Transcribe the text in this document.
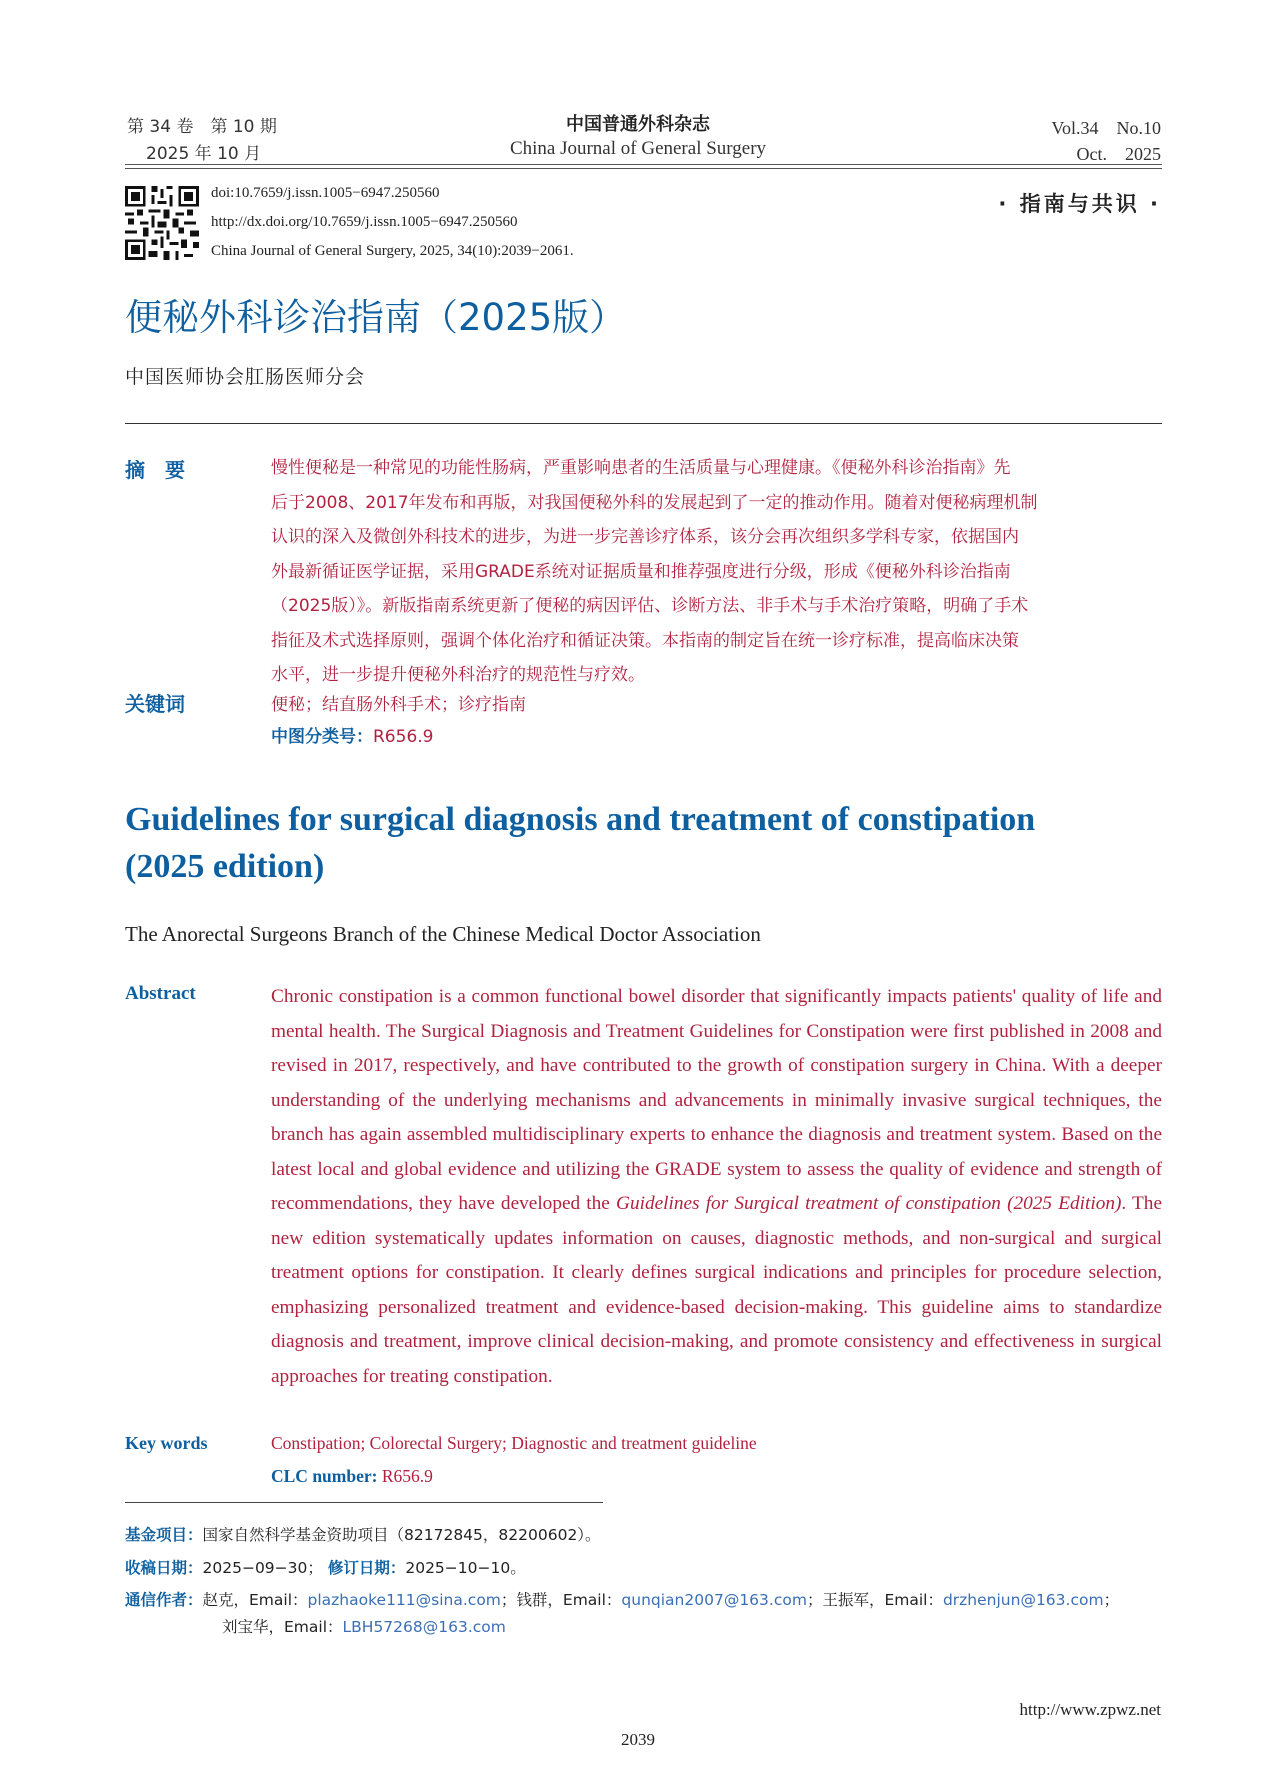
第 34 卷　第 10 期
2025 年 10 月
中国普通外科杂志
China Journal of General Surgery
Vol.34　No.10
Oct.　2025
doi:10.7659/j.issn.1005−6947.250560
http://dx.doi.org/10.7659/j.issn.1005−6947.250560
China Journal of General Surgery, 2025, 34(10):2039−2061.
· 指南与共识 ·
便秘外科诊治指南（2025版）
中国医师协会肛肠医师分会
摘　要	慢性便秘是一种常见的功能性肠病，严重影响患者的生活质量与心理健康。《便秘外科诊治指南》先
后于2008、2017年发布和再版，对我国便秘外科的发展起到了一定的推动作用。随着对便秘病理机制
认识的深入及微创外科技术的进步，为进一步完善诊疗体系，该分会再次组织多学科专家，依据国内
外最新循证医学证据，采用GRADE系统对证据质量和推荐强度进行分级，形成《便秘外科诊治指南
（2025版）》。新版指南系统更新了便秘的病因评估、诊断方法、非手术与手术治疗策略，明确了手术
指征及术式选择原则，强调个体化治疗和循证决策。本指南的制定旨在统一诊疗标准，提高临床决策
水平，进一步提升便秘外科治疗的规范性与疗效。
关键词	便秘；结直肠外科手术；诊疗指南
中图分类号：R656.9
Guidelines for surgical diagnosis and treatment of constipation
(2025 edition)
The Anorectal Surgeons Branch of the Chinese Medical Doctor Association
Abstract	Chronic constipation is a common functional bowel disorder that significantly impacts patients' quality of life and mental health. The Surgical Diagnosis and Treatment Guidelines for Constipation were first published in 2008 and revised in 2017, respectively, and have contributed to the growth of constipation surgery in China. With a deeper understanding of the underlying mechanisms and advancements in minimally invasive surgical techniques, the branch has again assembled multidisciplinary experts to enhance the diagnosis and treatment system. Based on the latest local and global evidence and utilizing the GRADE system to assess the quality of evidence and strength of recommendations, they have developed the Guidelines for Surgical treatment of constipation (2025 Edition). The new edition systematically updates information on causes, diagnostic methods, and non-surgical and surgical treatment options for constipation. It clearly defines surgical indications and principles for procedure selection, emphasizing personalized treatment and evidence-based decision-making. This guideline aims to standardize diagnosis and treatment, improve clinical decision-making, and promote consistency and effectiveness in surgical approaches for treating constipation.
Key words	Constipation; Colorectal Surgery; Diagnostic and treatment guideline
CLC number: R656.9
基金项目：国家自然科学基金资助项目（82172845，82200602）。
收稿日期：2025−09−30； 修订日期：2025−10−10。
通信作者：赵克，Email：plazhaoke111@sina.com；钱群，Email：qunqian2007@163.com；王振军，Email：drzhenjun@163.com；
刘宝华，Email：LBH57268@163.com
http://www.zpwz.net
2039
